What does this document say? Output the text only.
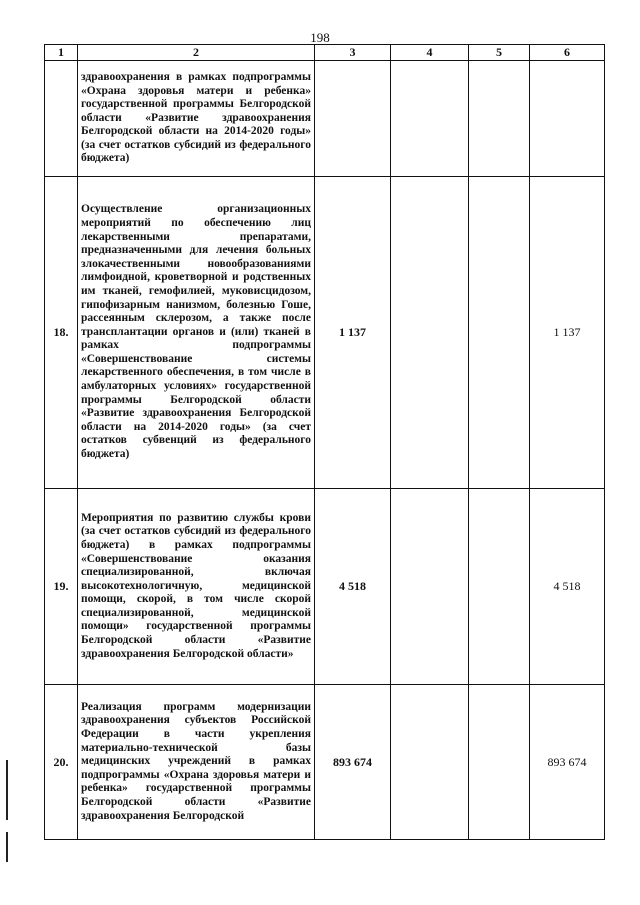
198
1	2	3	4	5	6
	здравоохранения в рамках подпрограммы «Охрана здоровья матери и ребенка» государственной программы Белгородской области «Развитие здравоохранения Белгородской области на 2014-2020 годы» (за счет остатков субсидий из федерального бюджета)				
18.	Осуществление организационных мероприятий по обеспечению лиц лекарственными препаратами, предназначенными для лечения больных злокачественными новообразованиями лимфоидной, кроветворной и родственных им тканей, гемофилией, муковисцидозом, гипофизарным нанизмом, болезнью Гоше, рассеянным склерозом, а также после трансплантации органов и (или) тканей в рамках подпрограммы «Совершенствование системы лекарственного обеспечения, в том числе в амбулаторных условиях» государственной программы Белгородской области «Развитие здравоохранения Белгородской области на 2014-2020 годы» (за счет остатков субвенций из федерального бюджета)	1 137			1 137
19.	Мероприятия по развитию службы крови (за счет остатков субсидий из федерального бюджета) в рамках подпрограммы «Совершенствование оказания специализированной, включая высокотехнологичную, медицинской помощи, скорой, в том числе скорой специализированной, медицинской помощи» государственной программы Белгородской области «Развитие здравоохранения Белгородской области»	4 518			4 518
20.	Реализация программ модернизации здравоохранения субъектов Российской Федерации в части укрепления материально-технической базы медицинских учреждений в рамках подпрограммы «Охрана здоровья матери и ребенка» государственной программы Белгородской области «Развитие здравоохранения Белгородской	893 674			893 674
